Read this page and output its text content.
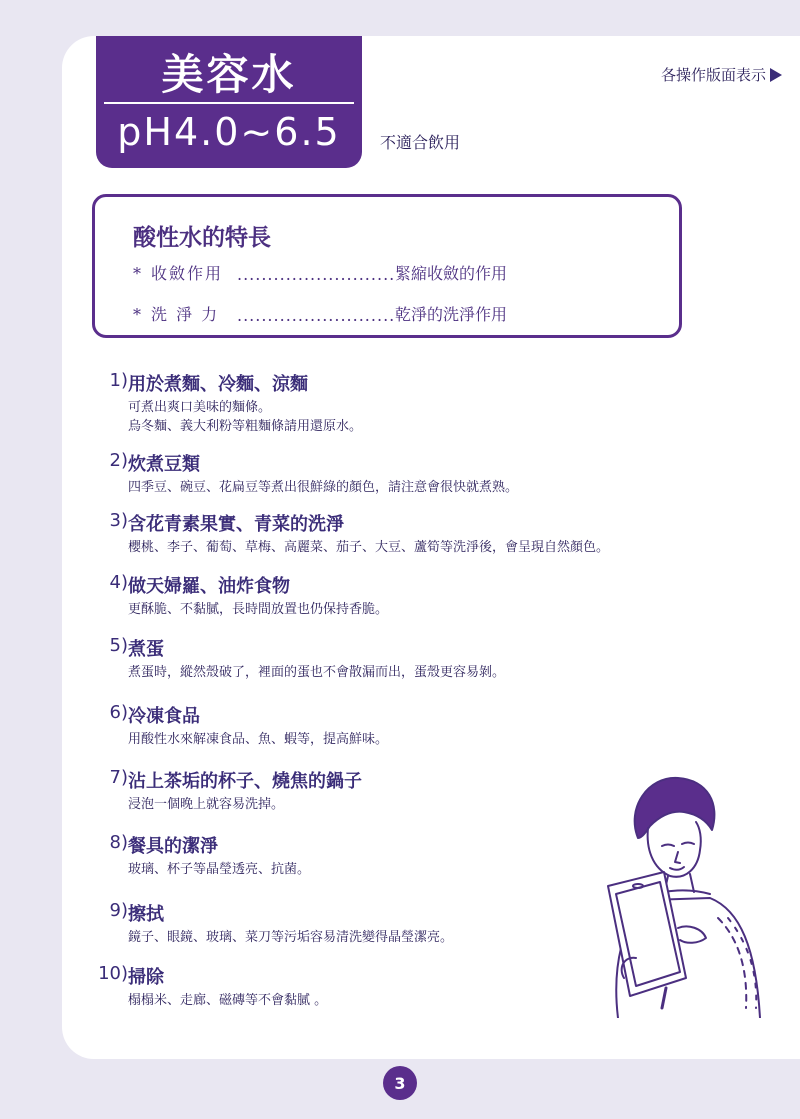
美容水
pH4.0~6.5	不適合飲用
各操作版面表示
酸性水的特長
* 收斂作用 ..........................緊縮收斂的作用
* 洗 淨 力 ..........................乾淨的洗淨作用
1) 用於煮麵、冷麵、涼麵
可煮出爽口美味的麵條。
烏冬麵、義大利粉等粗麵條請用還原水。
2) 炊煮豆類
四季豆、碗豆、花扁豆等煮出很鮮綠的顏色，請注意會很快就煮熟。
3) 含花青素果實、青菜的洗淨
櫻桃、李子、葡萄、草梅、高麗菜、茄子、大豆、蘆筍等洗淨後，會呈現自然顏色。
4) 做天婦羅、油炸食物
更酥脆、不黏膩，長時間放置也仍保持香脆。
5) 煮蛋
煮蛋時，縱然殼破了，裡面的蛋也不會散漏而出，蛋殼更容易剝。
6) 冷凍食品
用酸性水來解凍食品、魚、蝦等，提高鮮味。
7) 沾上茶垢的杯子、燒焦的鍋子
浸泡一個晚上就容易洗掉。
8) 餐具的潔淨
玻璃、杯子等晶瑩透亮、抗菌。
9) 擦拭
鏡子、眼鏡、玻璃、菜刀等污垢容易清洗變得晶瑩潔亮。
10) 掃除
榻榻米、走廊、磁磚等不會黏膩 。
3
